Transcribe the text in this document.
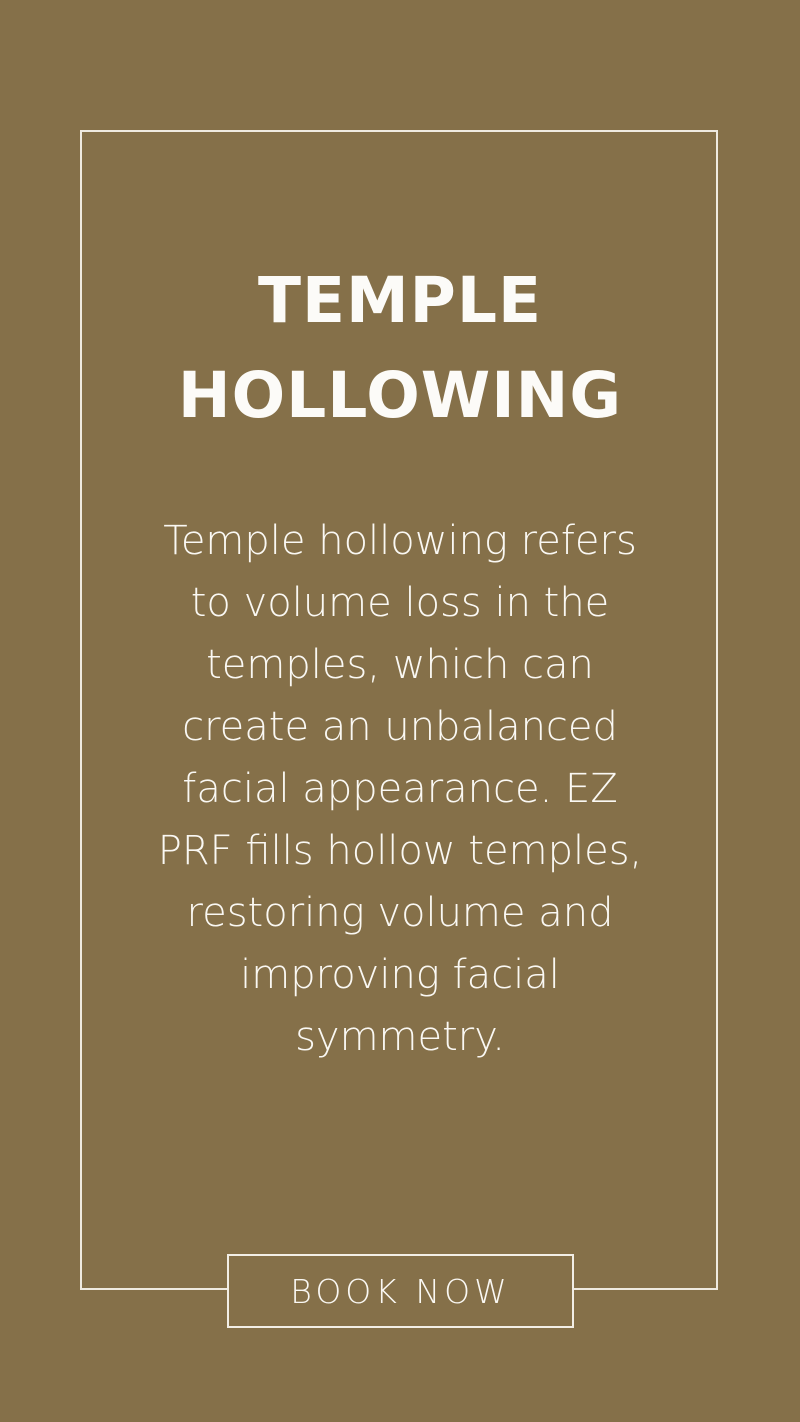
TEMPLE
HOLLOWING
Temple hollowing refers
to volume loss in the
temples, which can
create an unbalanced
facial appearance. EZ
PRF fills hollow temples,
restoring volume and
improving facial
symmetry.
BOOK NOW
